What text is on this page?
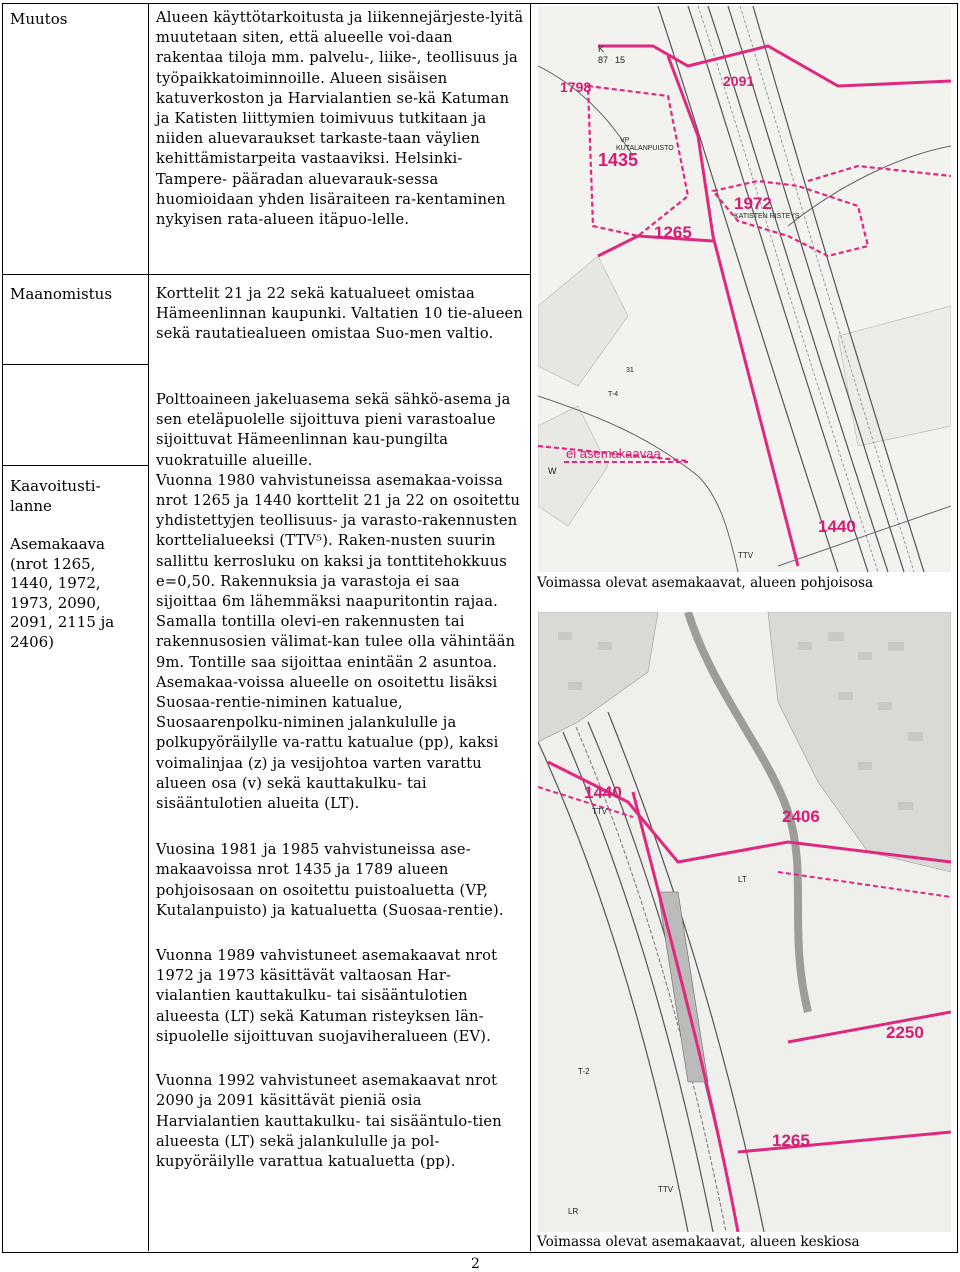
Muutos
Maanomistus
Kaavoitusti-
lanne
Asemakaava
(nrot 1265,
1440, 1972,
1973, 2090,
2091, 2115 ja
2406)

Alueen käyttötarkoitusta ja liikennejärjeste-lyitä muutetaan siten, että alueelle voi-daan rakentaa tiloja mm. palvelu-, liike-, teollisuus ja työpaikkatoiminnoille. Alueen sisäisen katuverkoston ja Harvialantien se-kä Katuman ja Katisten liittymien toimivuus tutkitaan ja niiden aluevaraukset tarkaste-taan väylien kehittämistarpeita vastaaviksi. Helsinki-Tampere- pääradan aluevarauk-sessa huomioidaan yhden lisäraiteen ra-kentaminen nykyisen rata-alueen itäpuo-lelle.

Korttelit 21 ja 22 sekä katualueet omistaa Hämeenlinnan kaupunki. Valtatien 10 tie-alueen sekä rautatiealueen omistaa Suo-men valtio.

Polttoaineen jakeluasema sekä sähkö-asema ja sen eteläpuolelle sijoittuva pieni varastoalue sijoittuvat Hämeenlinnan kau-pungilta vuokratuille alueille.

Vuonna 1980 vahvistuneissa asemakaa-voissa nrot 1265 ja 1440 korttelit 21 ja 22 on osoitettu yhdistettyjen teollisuus- ja varasto-rakennusten korttelialueeksi (TTV⁵). Raken-nusten suurin sallittu kerrosluku on kaksi ja tonttitehokkuus e=0,50. Rakennuksia ja varastoja ei saa sijoittaa 6m lähemmäksi naapuritontin rajaa. Samalla tontilla olevi-en rakennusten tai rakennusosien välimat-kan tulee olla vähintään 9m. Tontille saa sijoittaa enintään 2 asuntoa. Asemakaa-voissa alueelle on osoitettu lisäksi Suosaa-rentie-niminen katualue, Suosaarenpolku-niminen jalankululle ja polkupyöräilylle va-rattu katualue (pp), kaksi voimalinjaa (z) ja vesijohtoa varten varattu alueen osa (v) sekä kauttakulku- tai sisääntulotien alueita (LT).

Vuosina 1981 ja 1985 vahvistuneissa ase-makaavoissa nrot 1435 ja 1789 alueen pohjoisosaan on osoitettu puistoaluetta (VP, Kutalanpuisto) ja katualuetta (Suosaa-rentie).

Vuonna 1989 vahvistuneet asemakaavat nrot 1972 ja 1973 käsittävät valtaosan Har-vialantien kauttakulku- tai sisääntulotien alueesta (LT) sekä Katuman risteyksen län-sipuolelle sijoittuvan suojaviheralueen (EV).

Vuonna 1992 vahvistuneet asemakaavat nrot 2090 ja 2091 käsittävät pieniä osia Harvialantien kauttakulku- tai sisääntulo-tien alueesta (LT) sekä jalankululle ja pol-kupyöräilylle varattua katualuetta (pp).

1798	2091
1435
1972
1265
1440
K
87 15
VP
KUTALANPUISTO
KATISTEN RISTEYS
T-4
31
W
TTV
ei asemakaavaa
Voimassa olevat asemakaavat, alueen pohjoisosa
1440
2406
2250
1265
TTV
LT
T-2
TTV
LR
Voimassa olevat asemakaavat, alueen keskiosa
2
